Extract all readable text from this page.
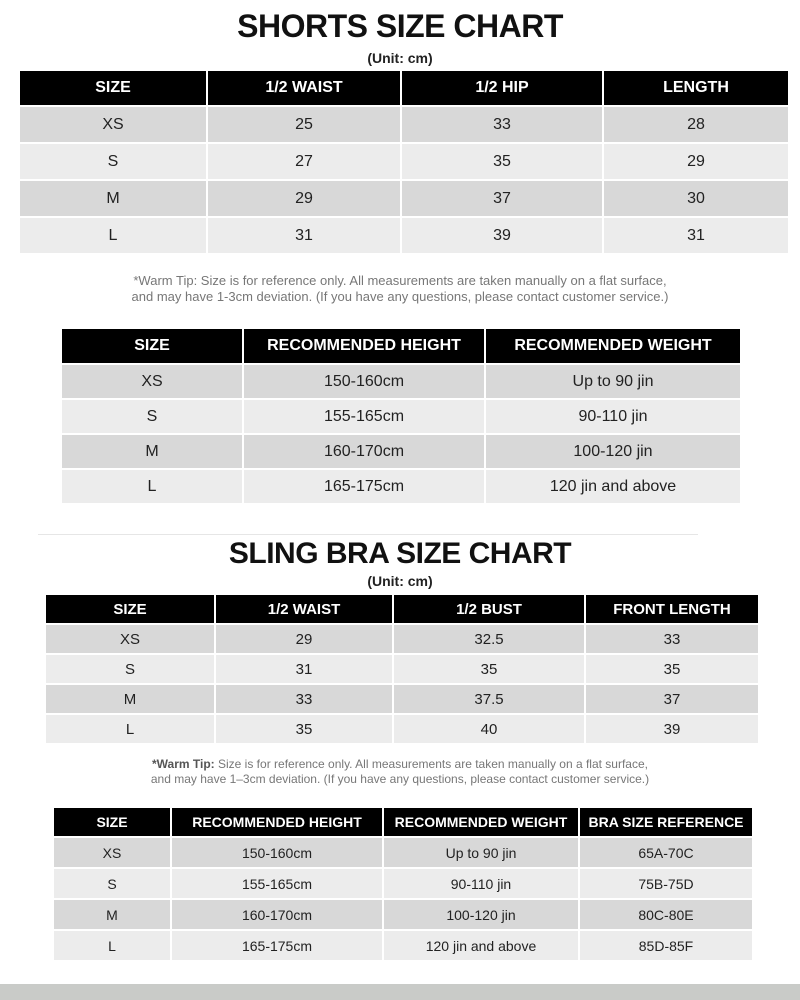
SHORTS SIZE CHART
(Unit: cm)
SIZE	1/2 WAIST	1/2 HIP	LENGTH
XS	25	33	28
S	27	35	29
M	29	37	30
L	31	39	31
*Warm Tip: Size is for reference only. All measurements are taken manually on a flat surface,
and may have 1-3cm deviation. (If you have any questions, please contact customer service.)
SIZE	RECOMMENDED HEIGHT	RECOMMENDED WEIGHT
XS	150-160cm	Up to 90 jin
S	155-165cm	90-110 jin
M	160-170cm	100-120 jin
L	165-175cm	120 jin and above
SLING BRA SIZE CHART
(Unit: cm)
SIZE	1/2 WAIST	1/2 BUST	FRONT LENGTH
XS	29	32.5	33
S	31	35	35
M	33	37.5	37
L	35	40	39
*Warm Tip: Size is for reference only. All measurements are taken manually on a flat surface,
and may have 1–3cm deviation. (If you have any questions, please contact customer service.)
SIZE	RECOMMENDED HEIGHT	RECOMMENDED WEIGHT	BRA SIZE REFERENCE
XS	150-160cm	Up to 90 jin	65A-70C
S	155-165cm	90-110 jin	75B-75D
M	160-170cm	100-120 jin	80C-80E
L	165-175cm	120 jin and above	85D-85F
